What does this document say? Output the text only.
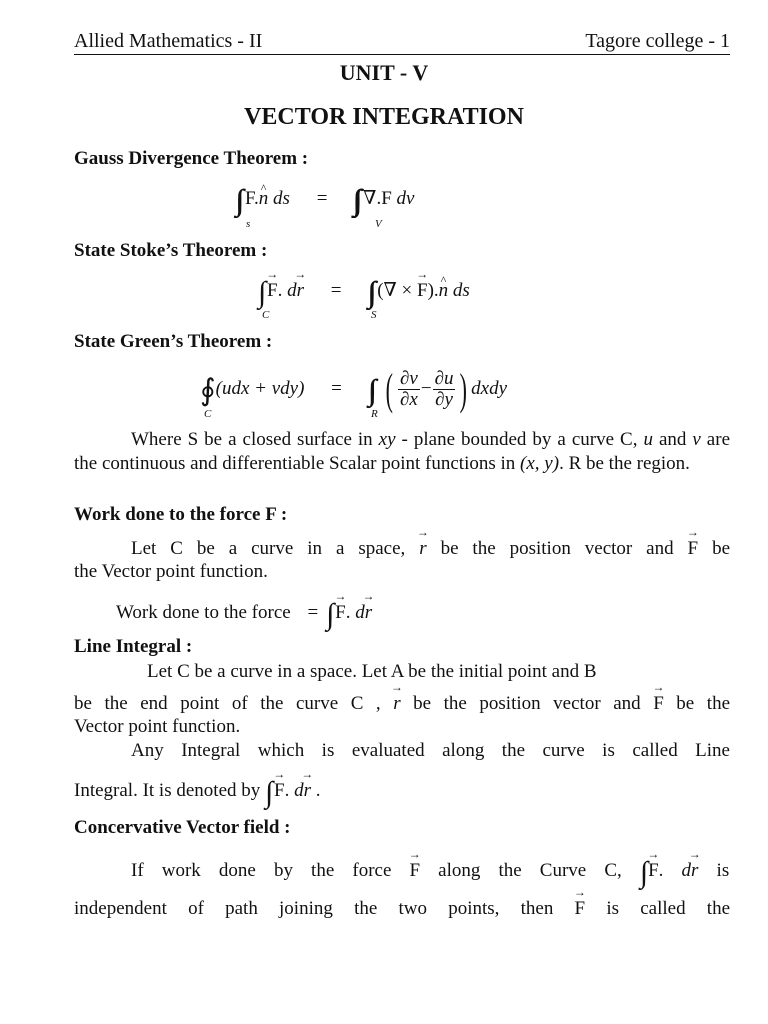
Allied Mathematics - II	Tagore college - 1
UNIT - V
VECTOR INTEGRATION
Gauss Divergence Theorem :
F.n ^ ds = ∇.F dv
s	V
State Stoke’s Theorem :
F →. dr → = (∇ × F →).n ^ ds
C	S
State Green’s Theorem :
∮ (udx + vdy) = ( $\frac{\partial v}{\partial x} - \frac{\partial u}{\partial y}$ ) dxdy
C	R
Where S be a closed surface in xy - plane bounded by a curve C, u and v are the continuous and differentiable Scalar point functions in (x, y). R be the region.
Work done to the force F :
Let C be a curve in a space, r → be the position vector and F → be
the Vector point function.
Work done to the force = F →. dr →
Line Integral :
Let C be a curve in a space. Let A be the initial point and B
be the end point of the curve C , r → be the position vector and F → be the
Vector point function.
Any Integral which is evaluated along the curve is called Line
Integral. It is denoted by F →. dr → .
Concervative Vector field :
If work done by the force F → along the Curve C, F →. dr → is
independent of path joining the two points, then F → is called the
